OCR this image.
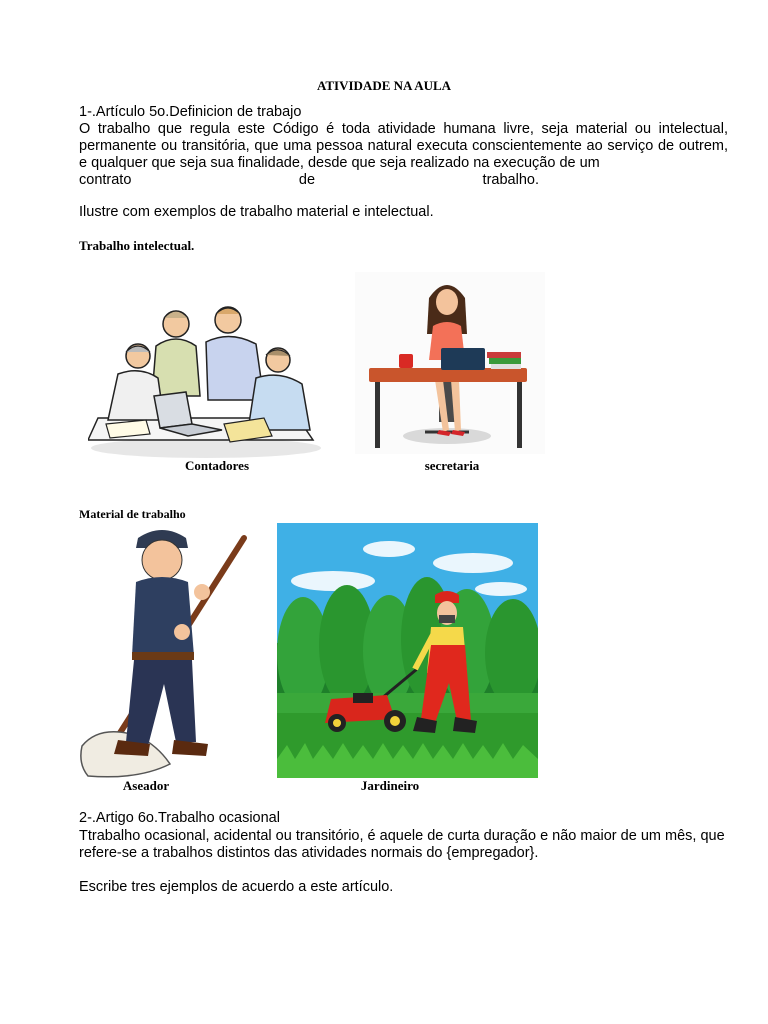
ATIVIDADE NA AULA
1-.Artículo 5o.Definicion de trabajo
O trabalho que regula este Código é toda atividade humana livre, seja material ou intelectual, permanente ou transitória, que uma pessoa natural executa conscientemente ao serviço de outrem, e qualquer que seja sua finalidade, desde que seja realizado na execução de um
contrato	de	trabalho.
Ilustre com exemplos de trabalho material e intelectual.
Trabalho intelectual.
Contadores	secretaria
Material de trabalho
Aseador	Jardineiro
2-.Artigo 6o.Trabalho ocasional
Ttrabalho ocasional, acidental ou transitório, é aquele de curta duração e não maior de um mês, que refere-se a trabalhos distintos das atividades normais do {empregador}.
Escribe tres ejemplos de acuerdo a este artículo.
